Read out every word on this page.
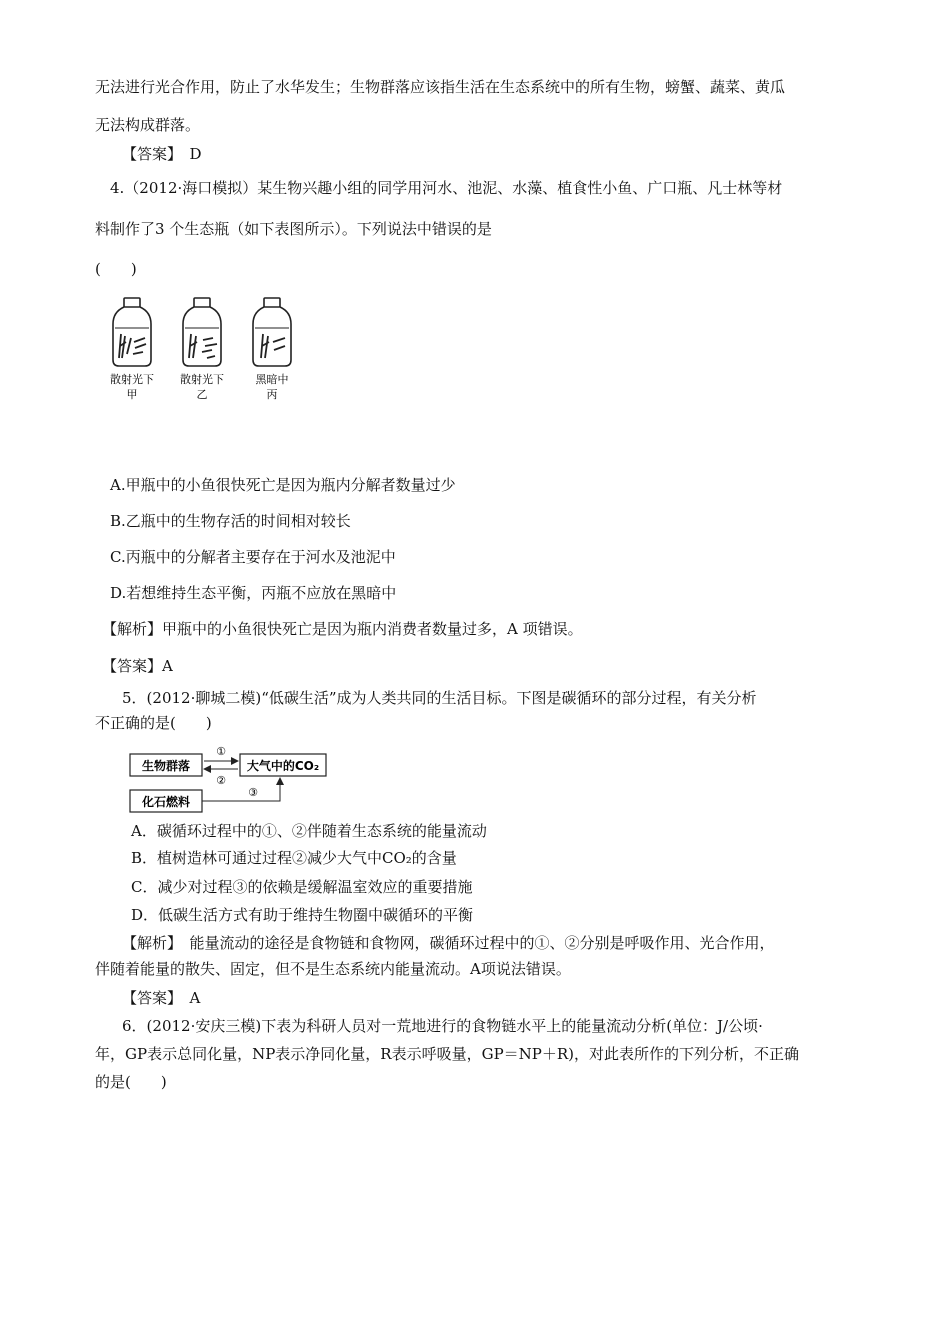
无法进行光合作用，防止了水华发生；生物群落应该指生活在生态系统中的所有生物，螃蟹、蔬菜、黄瓜
无法构成群落。
【答案】　D
4.（2012·海口模拟）某生物兴趣小组的同学用河水、池泥、水藻、植食性小鱼、广口瓶、凡士林等材
料制作了3 个生态瓶（如下表图所示）。下列说法中错误的是
(　　)
散射光下
甲
散射光下
乙
黑暗中
丙
A.甲瓶中的小鱼很快死亡是因为瓶内分解者数量过少
B.乙瓶中的生物存活的时间相对较长
C.丙瓶中的分解者主要存在于河水及池泥中
D.若想维持生态平衡，丙瓶不应放在黑暗中
【解析】甲瓶中的小鱼很快死亡是因为瓶内消费者数量过多，A 项错误。
【答案】A
5．(2012·聊城二模)“低碳生活”成为人类共同的生活目标。下图是碳循环的部分过程，有关分析
不正确的是(　　)
生物群落	大气中的CO₂
化石燃料
①
②
③
A．碳循环过程中的①、②伴随着生态系统的能量流动
B．植树造林可通过过程②减少大气中CO₂的含量
C．减少对过程③的依赖是缓解温室效应的重要措施
D．低碳生活方式有助于维持生物圈中碳循环的平衡
【解析】　能量流动的途径是食物链和食物网，碳循环过程中的①、②分别是呼吸作用、光合作用，
伴随着能量的散失、固定，但不是生态系统内能量流动。A项说法错误。
【答案】　A
6．(2012·安庆三模)下表为科研人员对一荒地进行的食物链水平上的能量流动分析(单位：J/公顷·
年，GP表示总同化量，NP表示净同化量，R表示呼吸量，GP＝NP＋R)，对此表所作的下列分析，不正确
的是(　　)
